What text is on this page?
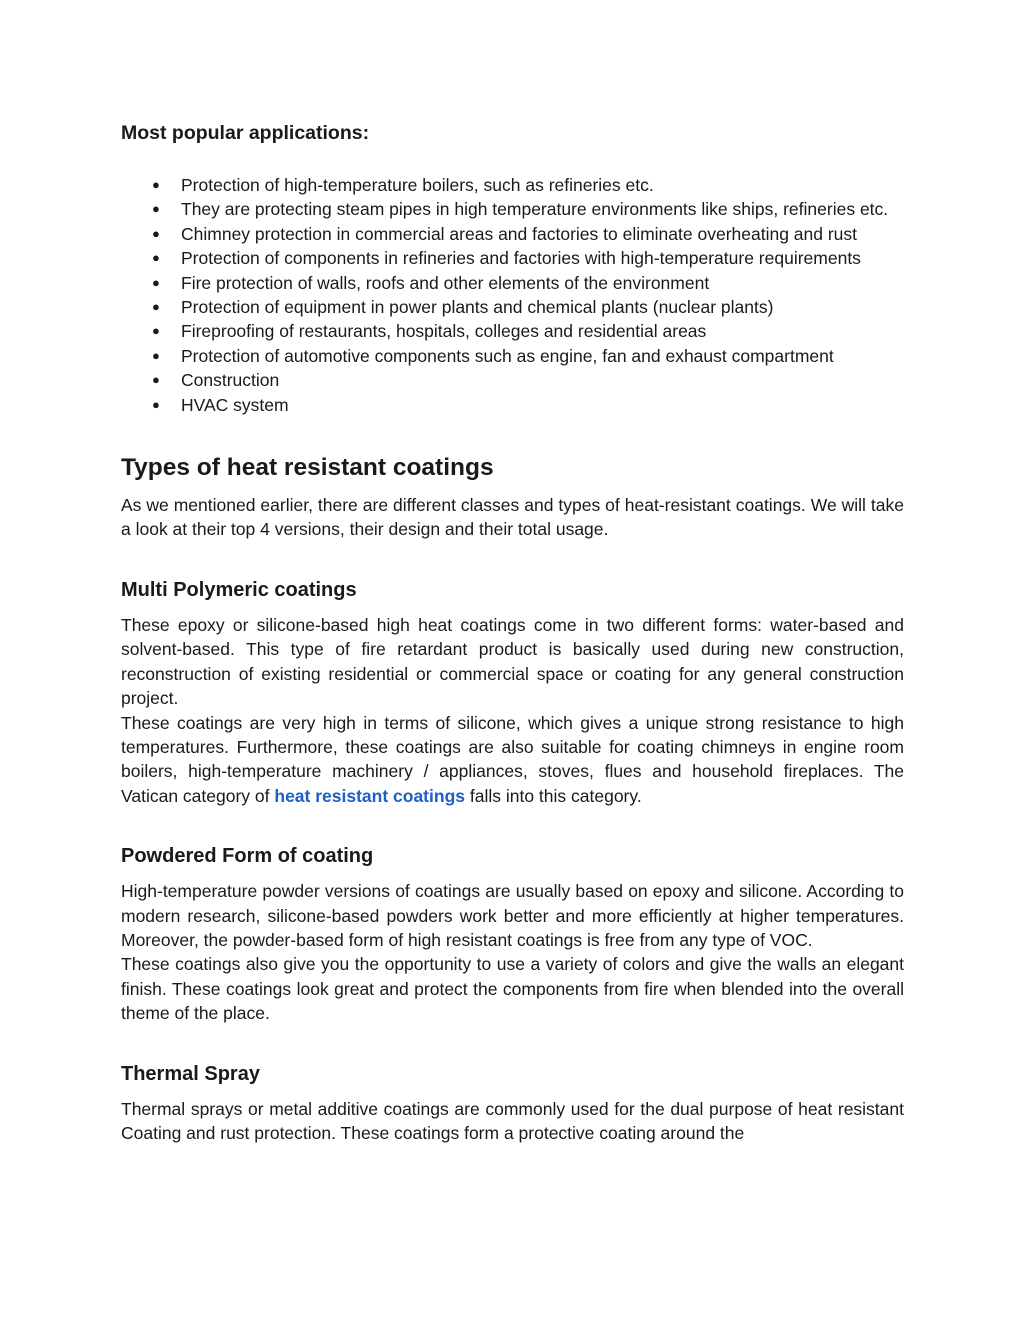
Most popular applications:
● Protection of high-temperature boilers, such as refineries etc.
● They are protecting steam pipes in high temperature environments like ships, refineries etc.
● Chimney protection in commercial areas and factories to eliminate overheating and rust
● Protection of components in refineries and factories with high-temperature requirements
● Fire protection of walls, roofs and other elements of the environment
● Protection of equipment in power plants and chemical plants (nuclear plants)
● Fireproofing of restaurants, hospitals, colleges and residential areas
● Protection of automotive components such as engine, fan and exhaust compartment
● Construction
● HVAC system
Types of heat resistant coatings

As we mentioned earlier, there are different classes and types of heat-resistant coatings. We will take a look at their top 4 versions, their design and their total usage.

Multi Polymeric coatings

These epoxy or silicone-based high heat coatings come in two different forms: water-based and solvent-based. This type of fire retardant product is basically used during new construction, reconstruction of existing residential or commercial space or coating for any general construction project.

These coatings are very high in terms of silicone, which gives a unique strong resistance to high temperatures. Furthermore, these coatings are also suitable for coating chimneys in engine room boilers, high-temperature machinery / appliances, stoves, flues and household fireplaces. The Vatican category of heat resistant coatings falls into this category.

Powdered Form of coating

High-temperature powder versions of coatings are usually based on epoxy and silicone. According to modern research, silicone-based powders work better and more efficiently at higher temperatures. Moreover, the powder-based form of high resistant coatings is free from any type of VOC.

These coatings also give you the opportunity to use a variety of colors and give the walls an elegant finish. These coatings look great and protect the components from fire when blended into the overall theme of the place.

Thermal Spray

Thermal sprays or metal additive coatings are commonly used for the dual purpose of heat resistant Coating and rust protection. These coatings form a protective coating around the
